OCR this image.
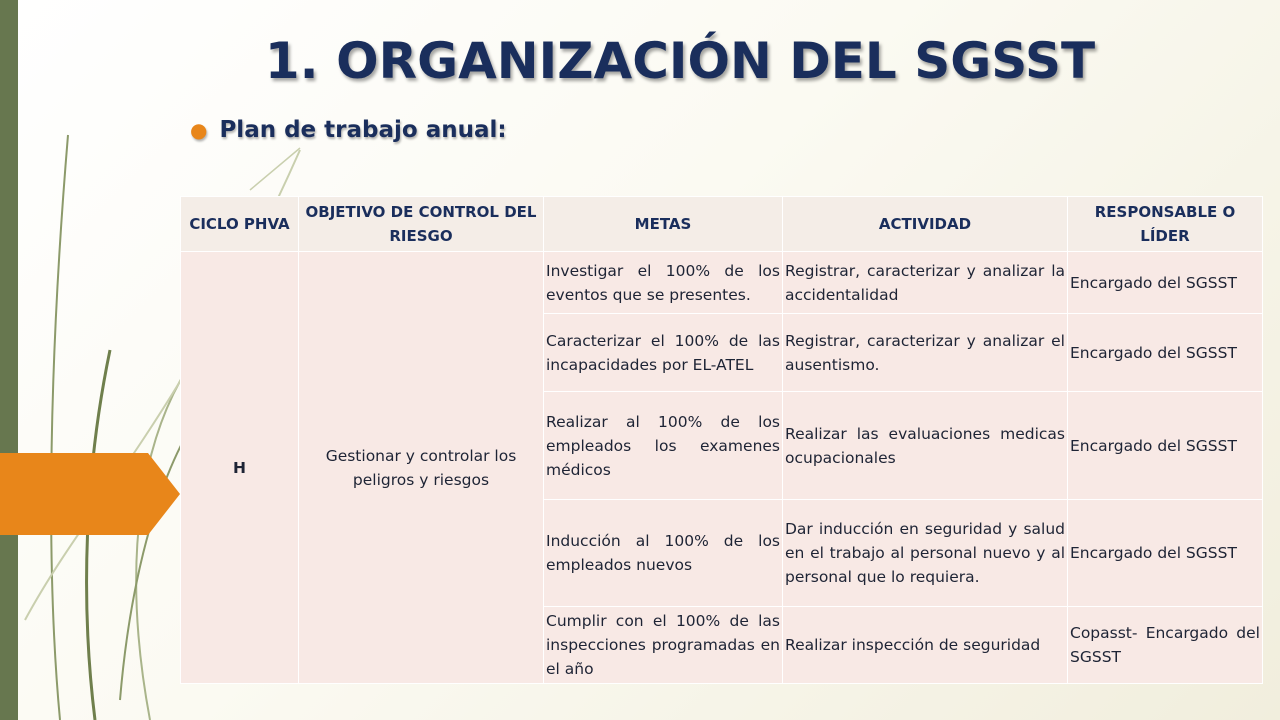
1. ORGANIZACIÓN DEL SGSST
● Plan de trabajo anual:
CICLO PHVA	OBJETIVO DE CONTROL DEL RIESGO	METAS	ACTIVIDAD	RESPONSABLE O LÍDER
H	Gestionar y controlar los peligros y riesgos	Investigar el 100% de los eventos que se presentes.	Registrar, caracterizar y analizar la accidentalidad	Encargado del SGSST
		Caracterizar el 100% de las incapacidades por EL-ATEL	Registrar, caracterizar y analizar el ausentismo.	Encargado del SGSST
		Realizar al 100% de los empleados los examenes médicos	Realizar las evaluaciones medicas ocupacionales	Encargado del SGSST
		Inducción al 100% de los empleados nuevos	Dar inducción en seguridad y salud en el trabajo al personal nuevo y al personal que lo requiera.	Encargado del SGSST
		Cumplir con el 100% de las inspecciones programadas en el año	Realizar inspección de seguridad	Copasst- Encargado del SGSST
